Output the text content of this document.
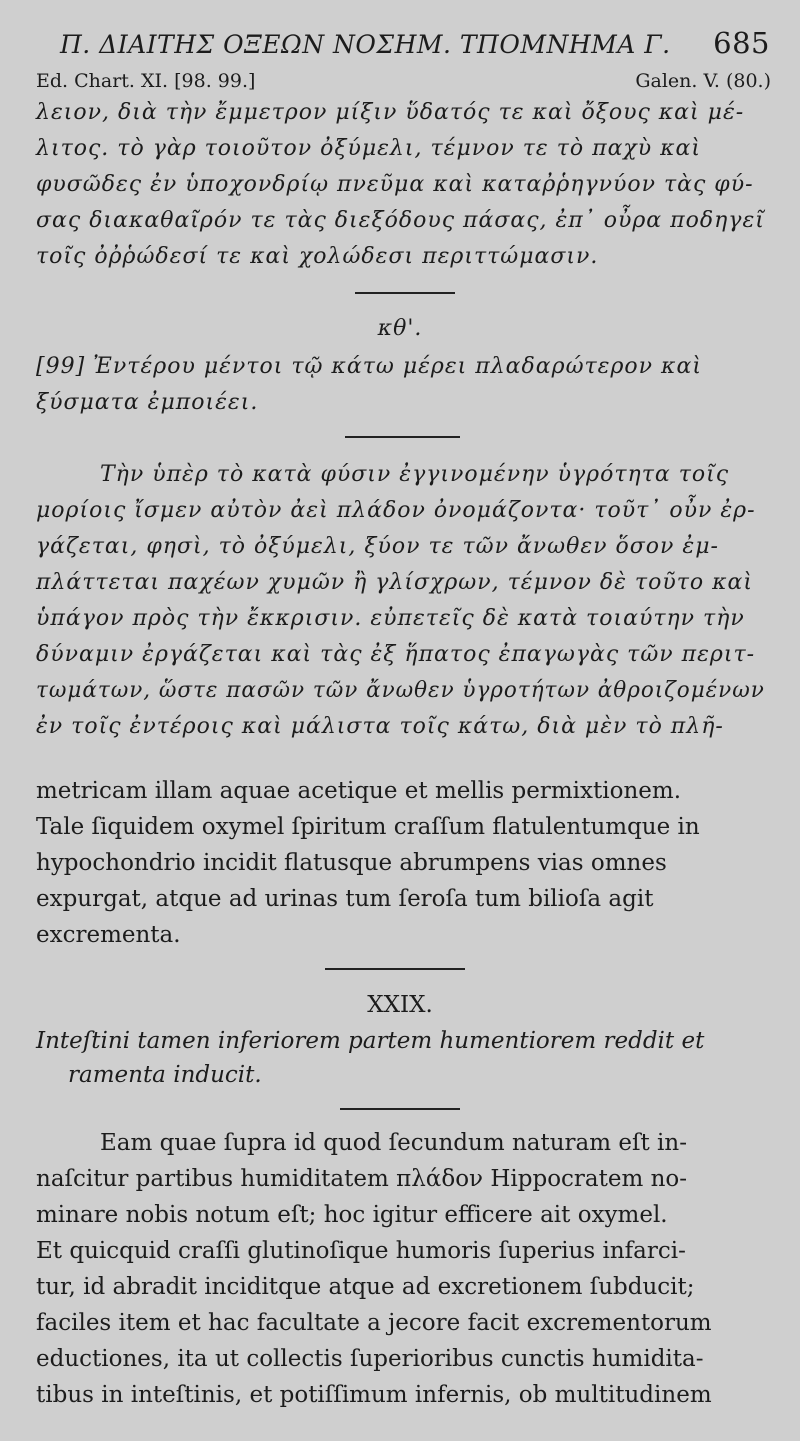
Π. ΔΙΑΙΤΗΣ ΟΞΕΩΝ ΝΟΣΗΜ. ΤΠΟΜΝΗΜΑ Γ. 685
Ed. Chart. XI. [98. 99.]	Galen. V. (80.)
λειον, διὰ τὴν ἔμμετρον μίξιν ὕδατός τε καὶ ὄξους καὶ μέ-
λιτος. τὸ γὰρ τοιοῦτον ὀξύμελι, τέμνον τε τὸ παχὺ καὶ
φυσῶδες ἐν ὑποχονδρίῳ πνεῦμα καὶ καταῤῥηγνύον τὰς φύ-
σας διακαθαῖρόν τε τὰς διεξόδους πάσας, ἐπ᾽ οὖρα ποδηγεῖ
τοῖς ὀῤῥώδεσί τε καὶ χολώδεσι περιττώμασιν.
κθ'.
[99] Ἐντέρου μέντοι τῷ κάτω μέρει πλαδαρώτερον καὶ
ξύσματα ἐμποιέει.
Τὴν ὑπὲρ τὸ κατὰ φύσιν ἐγγινομένην ὑγρότητα τοῖς
μορίοις ἴσμεν αὐτὸν ἀεὶ πλάδον ὀνομάζοντα· τοῦτ᾽ οὖν ἐρ-
γάζεται, φησὶ, τὸ ὀξύμελι, ξύον τε τῶν ἄνωθεν ὅσον ἐμ-
πλάττεται παχέων χυμῶν ἢ γλίσχρων, τέμνον δὲ τοῦτο καὶ
ὑπάγον πρὸς τὴν ἔκκρισιν. εὐπετεῖς δὲ κατὰ τοιαύτην τὴν
δύναμιν ἐργάζεται καὶ τὰς ἐξ ἥπατος ἐπαγωγὰς τῶν περιτ-
τωμάτων, ὥστε πασῶν τῶν ἄνωθεν ὑγροτήτων ἀθροιζομένων
ἐν τοῖς ἐντέροις καὶ μάλιστα τοῖς κάτω, διὰ μὲν τὸ πλῆ-
metricam illam aquae acetique et mellis permixtionem.
Tale ſiquidem oxymel ſpiritum craſſum flatulentumque in
hypochondrio incidit flatusque abrumpens vias omnes
expurgat, atque ad urinas tum ſeroſa tum bilioſa agit
excrementa.
XXIX.
Inteſtini tamen inferiorem partem humentiorem reddit et
ramenta inducit.
Eam quae ſupra id quod ſecundum naturam eſt in-
naſcitur partibus humiditatem πλάδον Hippocratem no-
minare nobis notum eſt; hoc igitur efficere ait oxymel.
Et quicquid craſſi glutinoſique humoris ſuperius infarci-
tur, id abradit inciditque atque ad excretionem ſubducit;
faciles item et hac facultate a jecore facit excrementorum
eductiones, ita ut collectis ſuperioribus cunctis humidita-
tibus in inteſtinis, et potiſſimum infernis, ob multitudinem
